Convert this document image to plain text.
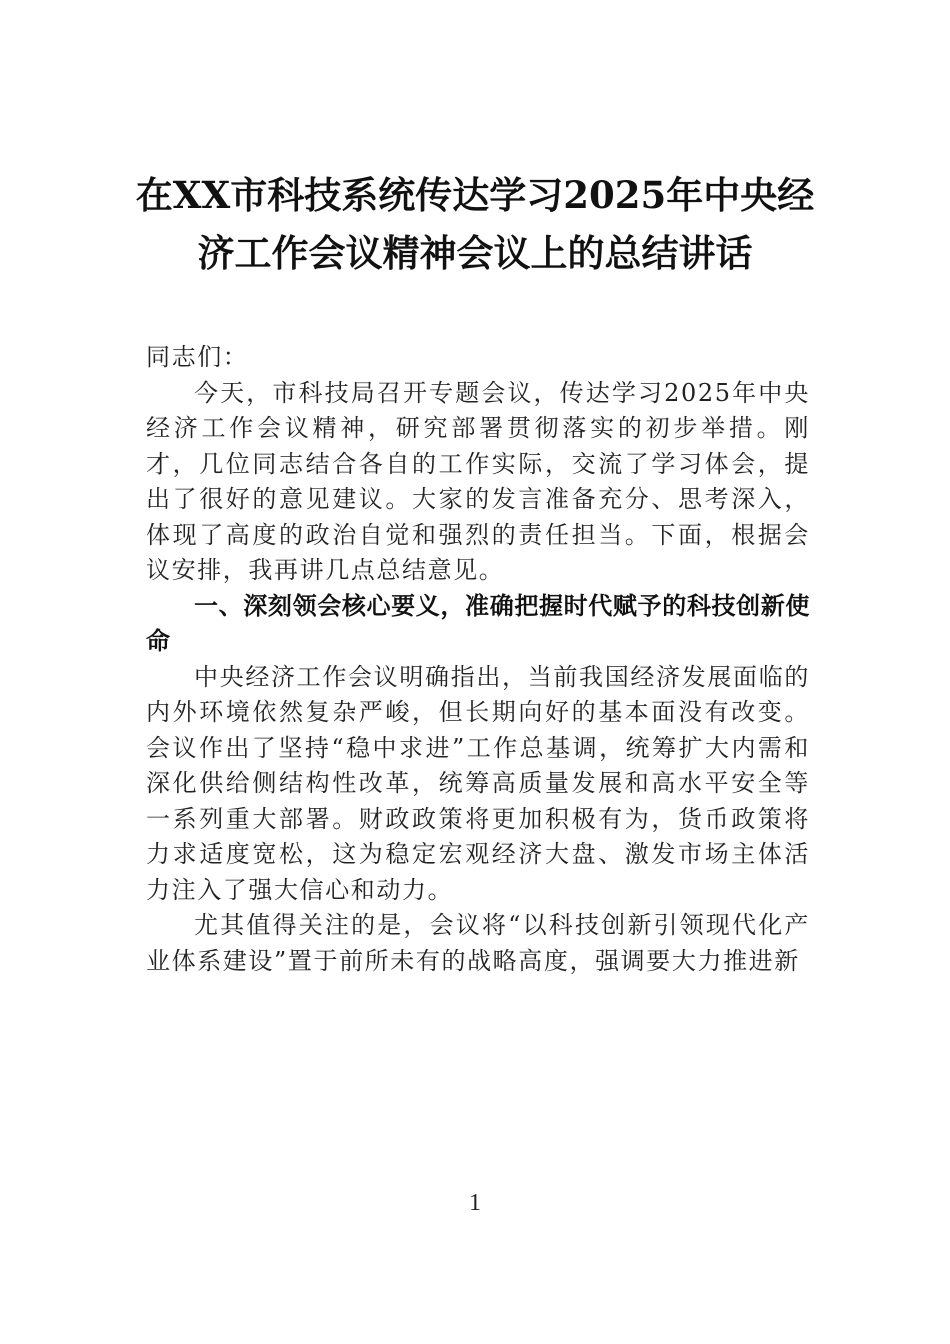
在XX市科技系统传达学习2025年中央经
济工作会议精神会议上的总结讲话

同志们：

今天，市科技局召开专题会议，传达学习2025年中央经济工作会议精神，研究部署贯彻落实的初步举措。刚才，几位同志结合各自的工作实际，交流了学习体会，提出了很好的意见建议。大家的发言准备充分、思考深入，体现了高度的政治自觉和强烈的责任担当。下面，根据会议安排，我再讲几点总结意见。

一、深刻领会核心要义，准确把握时代赋予的科技创新使命

中央经济工作会议明确指出，当前我国经济发展面临的内外环境依然复杂严峻，但长期向好的基本面没有改变。会议作出了坚持“稳中求进”工作总基调，统筹扩大内需和深化供给侧结构性改革，统筹高质量发展和高水平安全等一系列重大部署。财政政策将更加积极有为，货币政策将力求适度宽松，这为稳定宏观经济大盘、激发市场主体活力注入了强大信心和动力。

尤其值得关注的是，会议将“以科技创新引领现代化产业体系建设”置于前所未有的战略高度，强调要大力推进新

1
